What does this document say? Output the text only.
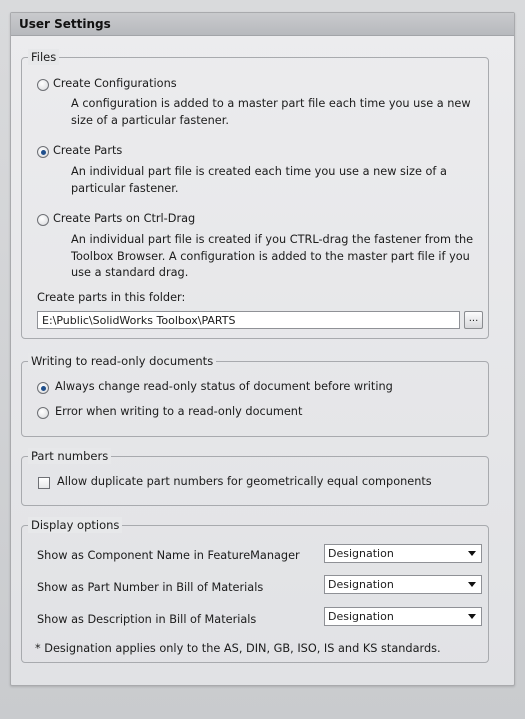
User Settings
Files
Create Configurations
A configuration is added to a master part file each time you use a new size of a particular fastener.
Create Parts
An individual part file is created each time you use a new size of a particular fastener.
Create Parts on Ctrl-Drag
An individual part file is created if you CTRL-drag the fastener from the Toolbox Browser. A configuration is added to the master part file if you use a standard drag.
Create parts in this folder:
E:\Public\SolidWorks Toolbox\PARTS	...
Writing to read-only documents
Always change read-only status of document before writing
Error when writing to a read-only document
Part numbers
Allow duplicate part numbers for geometrically equal components
Display options
Show as Component Name in FeatureManager	Designation
Show as Part Number in Bill of Materials	Designation
Show as Description in Bill of Materials	Designation
* Designation applies only to the AS, DIN, GB, ISO, IS and KS standards.
